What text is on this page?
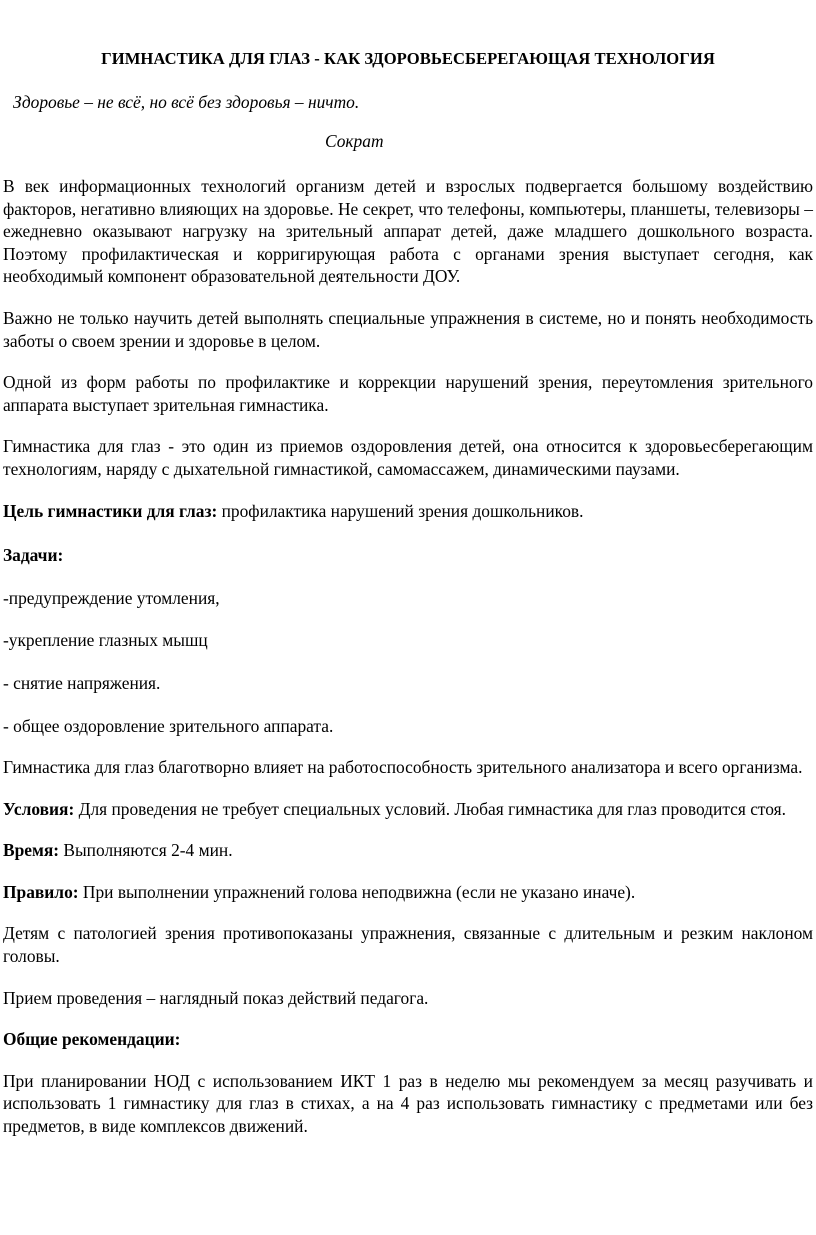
ГИМНАСТИКА ДЛЯ ГЛАЗ - КАК ЗДОРОВЬЕСБЕРЕГАЮЩАЯ ТЕХНОЛОГИЯ
Здоровье – не всё, но всё без здоровья – ничто.
Сократ

В век информационных технологий организм детей и взрослых подвергается большому воздействию факторов, негативно влияющих на здоровье. Не секрет, что телефоны, компьютеры, планшеты, телевизоры – ежедневно оказывают нагрузку на зрительный аппарат детей, даже младшего дошкольного возраста. Поэтому профилактическая и корригирующая работа с органами зрения выступает сегодня, как необходимый компонент образовательной деятельности ДОУ.

Важно не только научить детей выполнять специальные упражнения в системе, но и понять необходимость заботы о своем зрении и здоровье в целом.

Одной из форм работы по профилактике и коррекции нарушений зрения, переутомления зрительного аппарата выступает зрительная гимнастика.

Гимнастика для глаз - это один из приемов оздоровления детей, она относится к здоровьесберегающим технологиям, наряду с дыхательной гимнастикой, самомассажем, динамическими паузами.

Цель гимнастики для глаз: профилактика нарушений зрения дошкольников.

Задачи:

-предупреждение утомления,

-укрепление глазных мышц

- снятие напряжения.

- общее оздоровление зрительного аппарата.

Гимнастика для глаз благотворно влияет на работоспособность зрительного анализатора и всего организма.

Условия: Для проведения не требует специальных условий. Любая гимнастика для глаз проводится стоя.

Время: Выполняются 2-4 мин.

Правило: При выполнении упражнений голова неподвижна (если не указано иначе).

Детям с патологией зрения противопоказаны упражнения, связанные с длительным и резким наклоном головы.

Прием проведения – наглядный показ действий педагога.

Общие рекомендации:

При планировании НОД с использованием ИКТ 1 раз в неделю мы рекомендуем за месяц разучивать и использовать 1 гимнастику для глаз в стихах, а на 4 раз использовать гимнастику с предметами или без предметов, в виде комплексов движений.
